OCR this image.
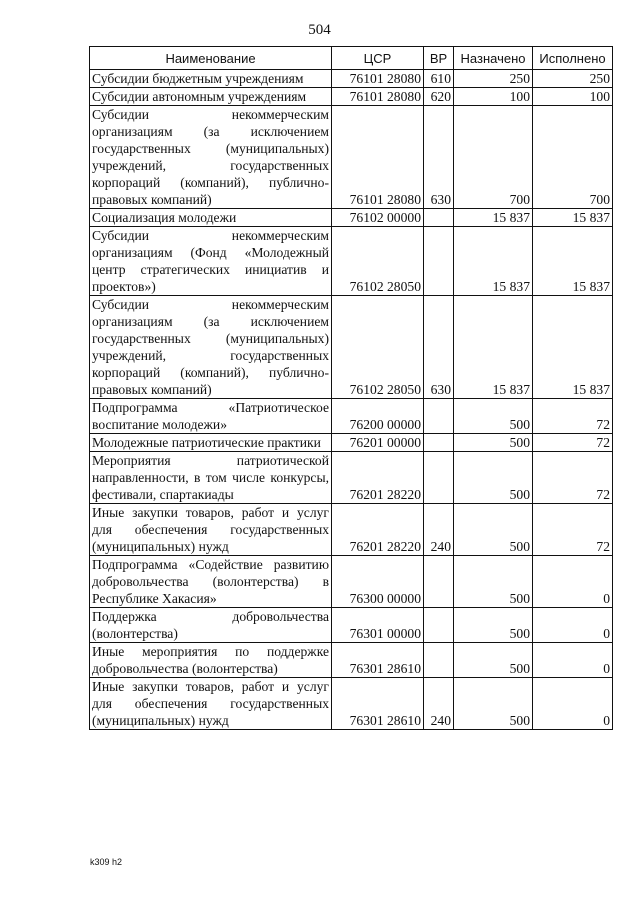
504
Наименование	ЦСР	ВР	Назначено	Исполнено
Субсидии бюджетным учреждениям	76101 28080	610	250	250
Субсидии автономным учреждениям	76101 28080	620	100	100
Субсидии некоммерческим организациям (за исключением государственных (муниципальных) учреждений, государственных корпораций (компаний), публично-правовых компаний)	76101 28080	630	700	700
Социализация молодежи	76102 00000		15 837	15 837
Субсидии некоммерческим организациям (Фонд «Молодежный центр стратегических инициатив и проектов»)	76102 28050		15 837	15 837
Субсидии некоммерческим организациям (за исключением государственных (муниципальных) учреждений, государственных корпораций (компаний), публично-правовых компаний)	76102 28050	630	15 837	15 837
Подпрограмма «Патриотическое воспитание молодежи»	76200 00000		500	72
Молодежные патриотические практики	76201 00000		500	72
Мероприятия патриотической направленности, в том числе конкурсы, фестивали, спартакиады	76201 28220		500	72
Иные закупки товаров, работ и услуг для обеспечения государственных (муниципальных) нужд	76201 28220	240	500	72
Подпрограмма «Содействие развитию добровольчества (волонтерства) в Республике Хакасия»	76300 00000		500	0
Поддержка добровольчества (волонтерства)	76301 00000		500	0
Иные мероприятия по поддержке добровольчества (волонтерства)	76301 28610		500	0
Иные закупки товаров, работ и услуг для обеспечения государственных (муниципальных) нужд	76301 28610	240	500	0
k309 h2
